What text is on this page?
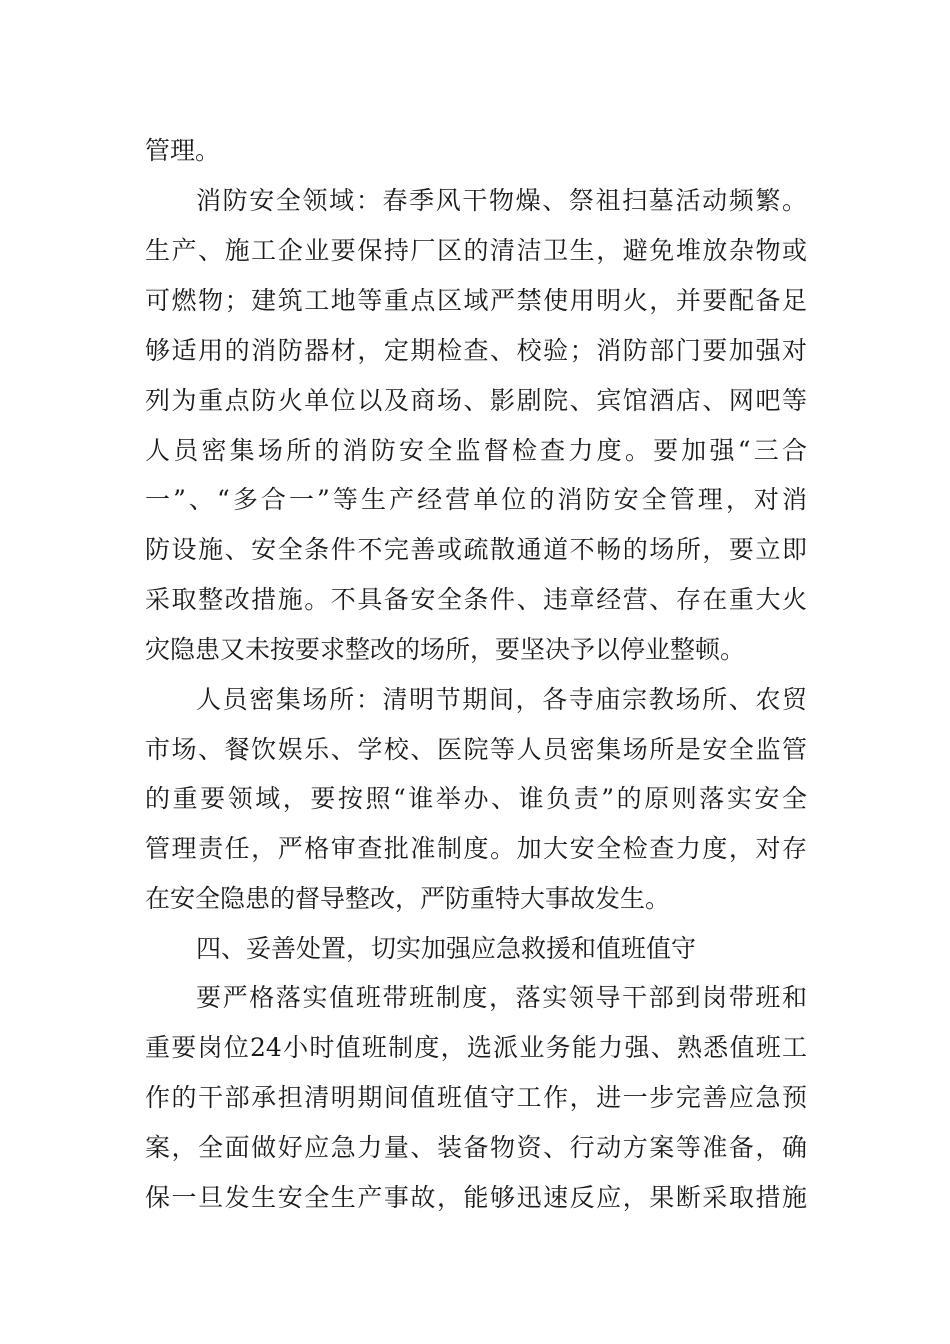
管理。
消防安全领域：春季风干物燥、祭祖扫墓活动频繁。
生产、施工企业要保持厂区的清洁卫生，避免堆放杂物或
可燃物；建筑工地等重点区域严禁使用明火，并要配备足
够适用的消防器材，定期检查、校验；消防部门要加强对
列为重点防火单位以及商场、影剧院、宾馆酒店、网吧等
人员密集场所的消防安全监督检查力度。要加强“三合
一”、“多合一”等生产经营单位的消防安全管理，对消
防设施、安全条件不完善或疏散通道不畅的场所，要立即
采取整改措施。不具备安全条件、违章经营、存在重大火
灾隐患又未按要求整改的场所，要坚决予以停业整顿。
人员密集场所：清明节期间，各寺庙宗教场所、农贸
市场、餐饮娱乐、学校、医院等人员密集场所是安全监管
的重要领域，要按照“谁举办、谁负责”的原则落实安全
管理责任，严格审查批准制度。加大安全检查力度，对存
在安全隐患的督导整改，严防重特大事故发生。
四、妥善处置，切实加强应急救援和值班值守
要严格落实值班带班制度，落实领导干部到岗带班和
重要岗位24小时值班制度，选派业务能力强、熟悉值班工
作的干部承担清明期间值班值守工作，进一步完善应急预
案，全面做好应急力量、装备物资、行动方案等准备，确
保一旦发生安全生产事故，能够迅速反应，果断采取措施
